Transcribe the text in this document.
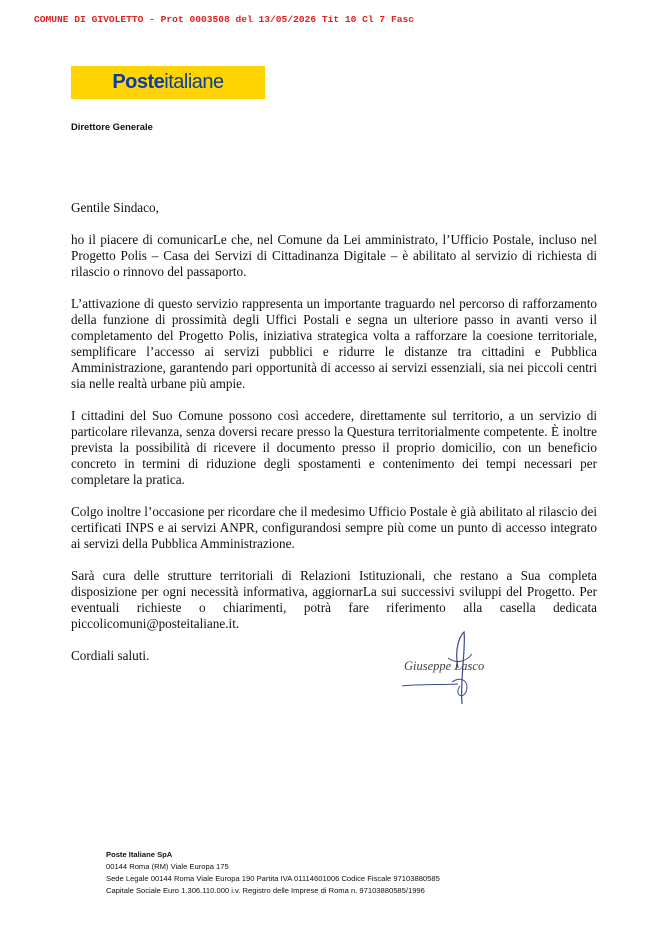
COMUNE DI GIVOLETTO - Prot 0003508 del 13/05/2026 Tit 10 Cl 7 Fasc
Poste italiane
Direttore Generale

Gentile Sindaco,

ho il piacere di comunicarLe che, nel Comune da Lei amministrato, l’Ufficio Postale, incluso nel Progetto Polis – Casa dei Servizi di Cittadinanza Digitale – è abilitato al servizio di richiesta di rilascio o rinnovo del passaporto.

L’attivazione di questo servizio rappresenta un importante traguardo nel percorso di rafforzamento della funzione di prossimità degli Uffici Postali e segna un ulteriore passo in avanti verso il completamento del Progetto Polis, iniziativa strategica volta a rafforzare la coesione territoriale, semplificare l’accesso ai servizi pubblici e ridurre le distanze tra cittadini e Pubblica Amministrazione, garantendo pari opportunità di accesso ai servizi essenziali, sia nei piccoli centri sia nelle realtà urbane più ampie.

I cittadini del Suo Comune possono così accedere, direttamente sul territorio, a un servizio di particolare rilevanza, senza doversi recare presso la Questura territorialmente competente. È inoltre prevista la possibilità di ricevere il documento presso il proprio domicilio, con un beneficio concreto in termini di riduzione degli spostamenti e contenimento dei tempi necessari per completare la pratica.

Colgo inoltre l’occasione per ricordare che il medesimo Ufficio Postale è già abilitato al rilascio dei certificati INPS e ai servizi ANPR, configurandosi sempre più come un punto di accesso integrato ai servizi della Pubblica Amministrazione.

Sarà cura delle strutture territoriali di Relazioni Istituzionali, che restano a Sua completa disposizione per ogni necessità informativa, aggiornarLa sui successivi sviluppi del Progetto. Per eventuali richieste o chiarimenti, potrà fare riferimento alla casella dedicata piccolicomuni@posteitaliane.it.

Cordiali saluti.

Giuseppe Lasco
Poste Italiane SpA
00144 Roma (RM) Viale Europa 175
Sede Legale 00144 Roma Viale Europa 190 Partita IVA 01114601006 Codice Fiscale 97103880585
Capitale Sociale Euro 1.306.110.000 i.v. Registro delle Imprese di Roma n. 97103880585/1996
